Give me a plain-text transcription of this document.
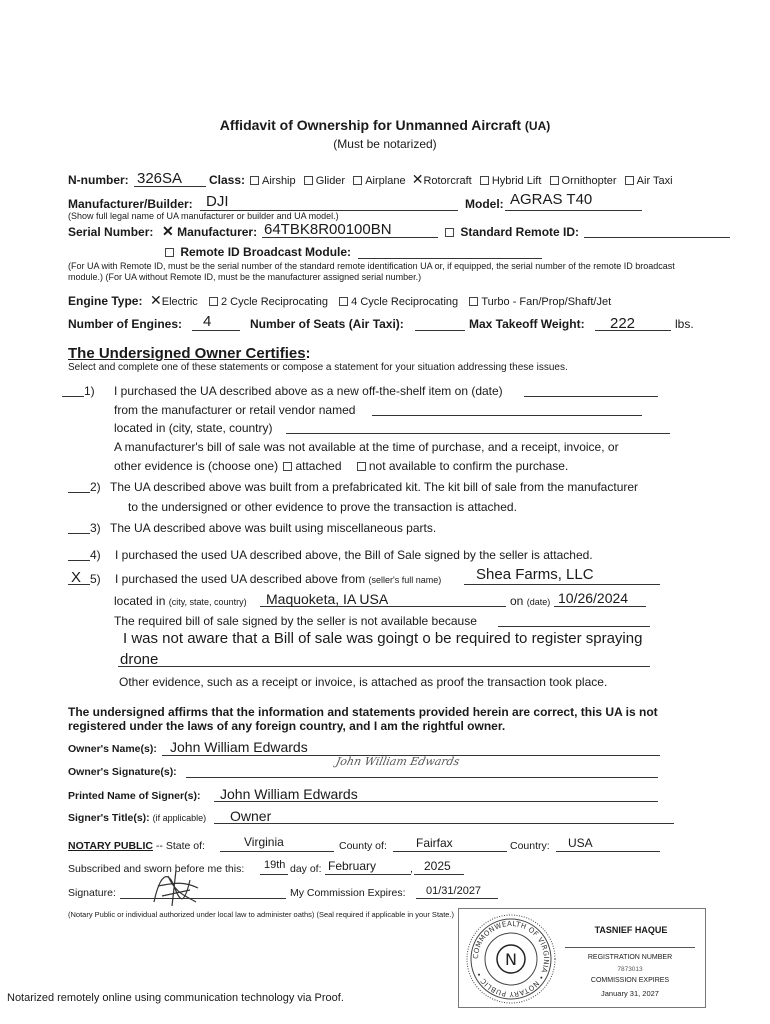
Affidavit of Ownership for Unmanned Aircraft (UA)
(Must be notarized)
N-number: 326SA Class:	Airship Glider Airplane ✕Rotorcraft Hybrid Lift Ornithopter Air Taxi
Manufacturer/Builder: DJI	Model: AGRAS T40
(Show full legal name of UA manufacturer or builder and UA model.)
Serial Number: ✕ Manufacturer: 64TBK8R00100BN	Standard Remote ID:
Remote ID Broadcast Module:
(For UA with Remote ID, must be the serial number of the standard remote identification UA or, if equipped, the serial number of the remote ID broadcast
module.) (For UA without Remote ID, must be the manufacturer assigned serial number.)
Engine Type: ✕Electric 2 Cycle Reciprocating 4 Cycle Reciprocating Turbo - Fan/Prop/Shaft/Jet
Number of Engines: 4	Number of Seats (Air Taxi):	Max Takeoff Weight: 222	lbs.
The Undersigned Owner Certifies:
Select and complete one of these statements or compose a statement for your situation addressing these issues.
1) I purchased the UA described above as a new off-the-shelf item on (date)
from the manufacturer or retail vendor named
located in (city, state, country)
A manufacturer's bill of sale was not available at the time of purchase, and a receipt, invoice, or
other evidence is (choose one) attached not available to confirm the purchase.
2) The UA described above was built from a prefabricated kit. The kit bill of sale from the manufacturer
to the undersigned or other evidence to prove the transaction is attached.
3) The UA described above was built using miscellaneous parts.
4) I purchased the used UA described above, the Bill of Sale signed by the seller is attached.
X 5) I purchased the used UA described above from (seller's full name) Shea Farms, LLC
located in (city, state, country) Maquoketa, IA USA	on (date) 10/26/2024
The required bill of sale signed by the seller is not available because
I was not aware that a Bill of sale was goingt o be required to register spraying
drone
Other evidence, such as a receipt or invoice, is attached as proof the transaction took place.
The undersigned affirms that the information and statements provided herein are correct, this UA is not
registered under the laws of any foreign country, and I am the rightful owner.
Owner's Name(s): John William Edwards
Owner's Signature(s):
John William Edwards
Printed Name of Signer(s): John William Edwards
Signer's Title(s): (if applicable) Owner
NOTARY PUBLIC -- State of:	Virginia	County of: Fairfax	Country: USA
Subscribed and sworn before me this: 19th day of: February	, 2025
Signature:	My Commission Expires: 01/31/2027
(Notary Public or individual authorized under local law to administer oaths) (Seal required if applicable in your State.)
COMMONWEALTH OF VIRGINIA • NOTARY PUBLIC •
N
TASNIEF HAQUE
REGISTRATION NUMBER
7873013
COMMISSION EXPIRES
January 31, 2027
Notarized remotely online using communication technology via Proof.
